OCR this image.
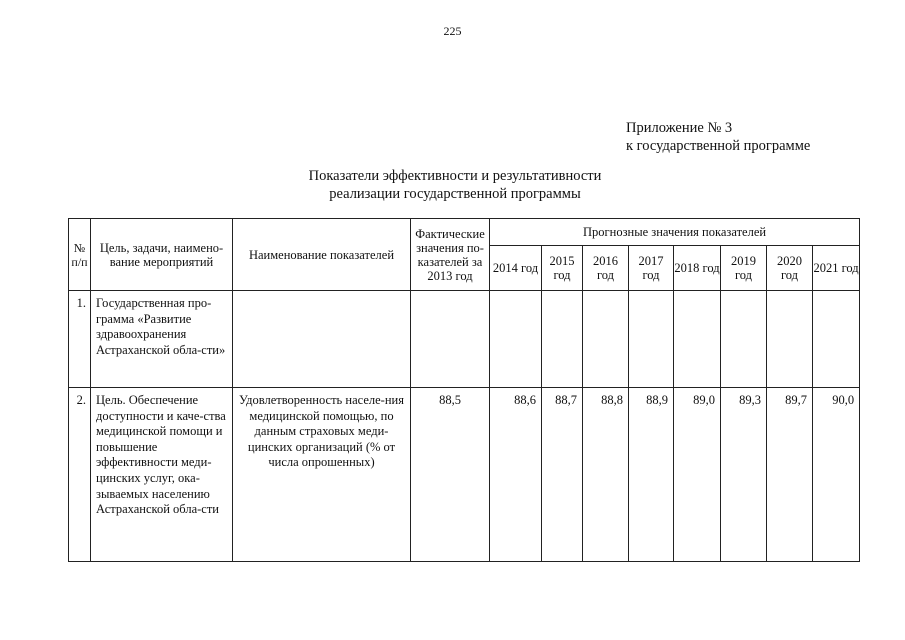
225
Приложение № 3
к государственной программе
Показатели эффективности и результативности
реализации государственной программы
№ п/п	Цель, задачи, наимено-вание мероприятий	Наименование показателей	Фактические значения по-казателей за 2013 год	Прогнозные значения показателей							
				2014 год	2015 год	2016 год	2017 год	2018 год	2019 год	2020 год	2021 год
1.	Государственная про-грамма «Развитие здравоохранения Астраханской обла-сти»										
2.	Цель. Обеспечение доступности и каче-ства медицинской помощи и повышение эффективности меди-цинских услуг, ока-зываемых населению Астраханской обла-сти	Удовлетворенность населе-ния медицинской помощью, по данным страховых меди-цинских организаций (% от числа опрошенных)	88,5	88,6	88,7	88,8	88,9	89,0	89,3	89,7	90,0
